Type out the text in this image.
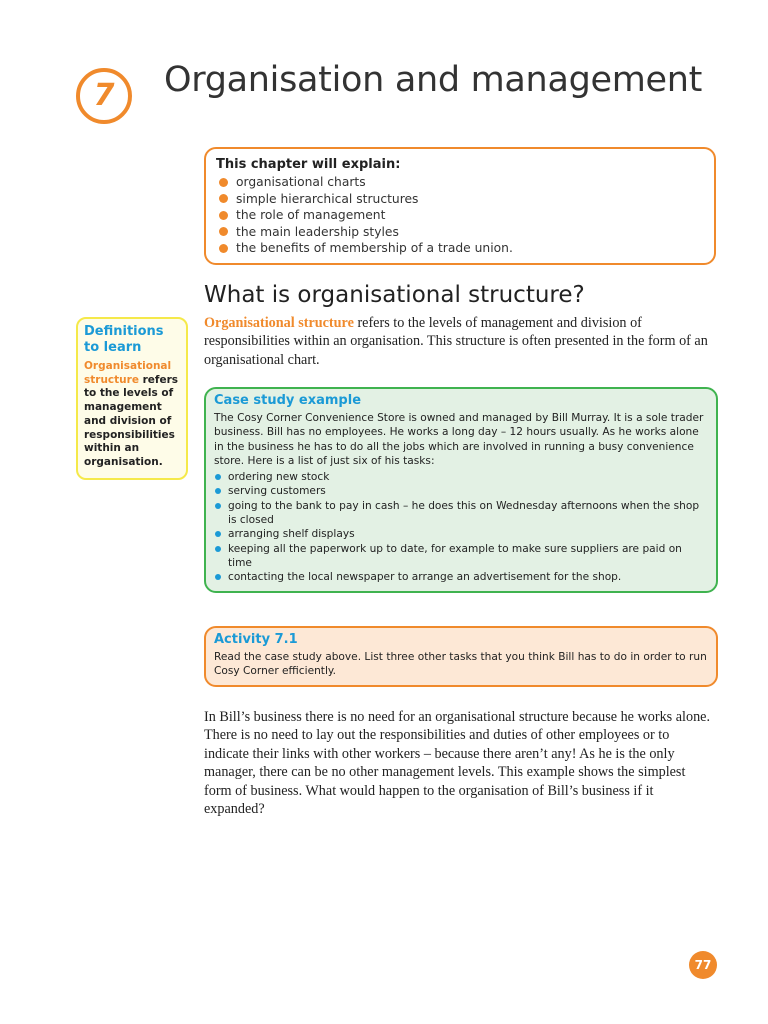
7	Organisation and management

This chapter will explain:

organisational charts
simple hierarchical structures
the role of management
the main leadership styles
the benefits of membership of a trade union.
What is organisational structure?

Organisational structure refers to the levels of management and division of responsibilities within an organisation. This structure is often presented in the form of an organisational chart.

Definitions to learn

Organisational structure refers to the levels of management and division of responsibilities within an organisation.

Case study example

The Cosy Corner Convenience Store is owned and managed by Bill Murray. It is a sole trader business. Bill has no employees. He works a long day – 12 hours usually. As he works alone in the business he has to do all the jobs which are involved in running a busy convenience store. Here is a list of just six of his tasks:

ordering new stock
serving customers
going to the bank to pay in cash – he does this on Wednesday afternoons when the shop is closed
arranging shelf displays
keeping all the paperwork up to date, for example to make sure suppliers are paid on time
contacting the local newspaper to arrange an advertisement for the shop.

Activity 7.1

Read the case study above. List three other tasks that you think Bill has to do in order to run Cosy Corner efficiently.

In Bill’s business there is no need for an organisational structure because he works alone. There is no need to lay out the responsibilities and duties of other employees or to indicate their links with other workers – because there aren’t any! As he is the only manager, there can be no other management levels. This example shows the simplest form of business. What would happen to the organisation of Bill’s business if it expanded?

77
